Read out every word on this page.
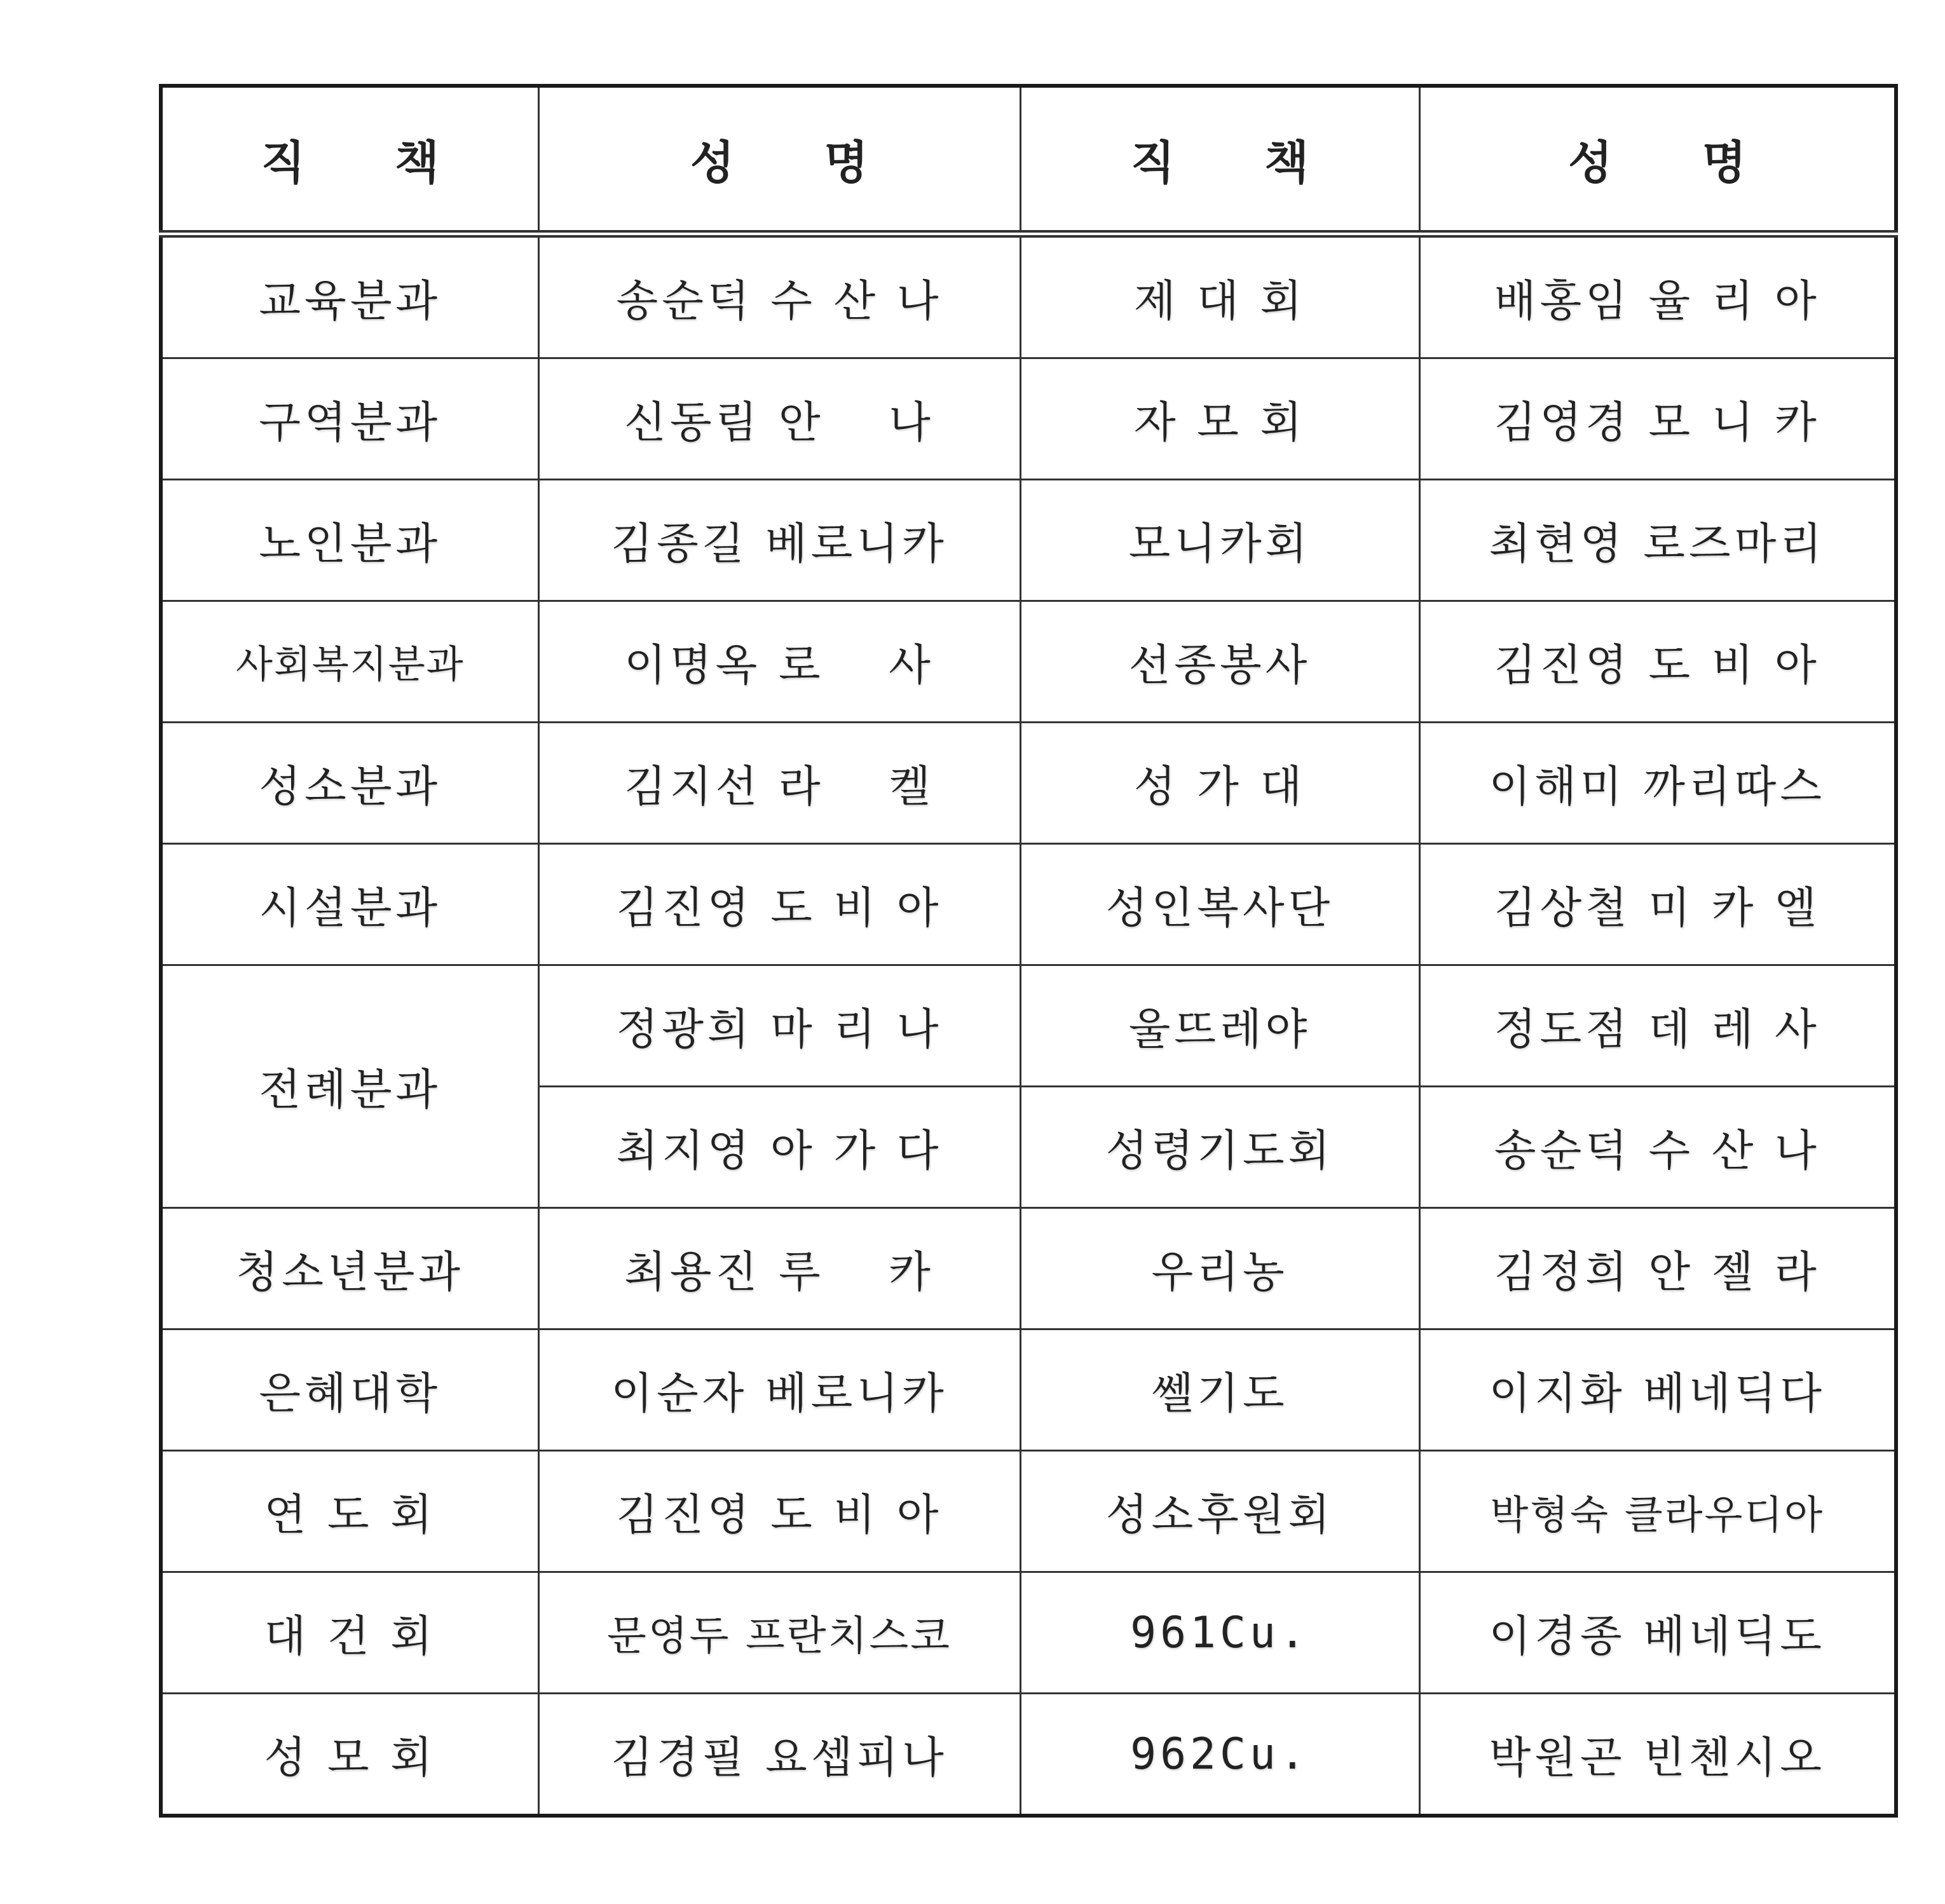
직 책	성 명	직 책	성 명
교육분과	송순덕 수 산 나	제 대 회	배홍임 율 리 아
구역분과	신동림 안　 나	자 모 회	김영경 모 니 카
노인분과	김종길 베로니카	모니카회	최현영 로즈마리
사회복지분과	이명옥 로　 사	선종봉사	김진영 도 비 아
성소분과	김지선 라　 켈	성 가 대	이해미 까리따스
시설분과	김진영 도 비 아	성인복사단	김상철 미 카 엘
전례분과	정광희 마 리 나	울뜨레야	정도점 데 레 사
	최지영 아 가 다	성령기도회	송순덕 수 산 나
청소년분과	최용진 루　 카	우리농	김정희 안 젤 라
은혜대학	이순자 베로니카	쎌기도	이지화 베네딕다
연 도 회	김진영 도 비 아	성소후원회	박형숙 클라우디아
대 건 회	문영두 프란치스코	961Cu.	이경종 베네딕도
성 모 회	김경필 요셉피나	962Cu.	박원곤 빈첸시오
